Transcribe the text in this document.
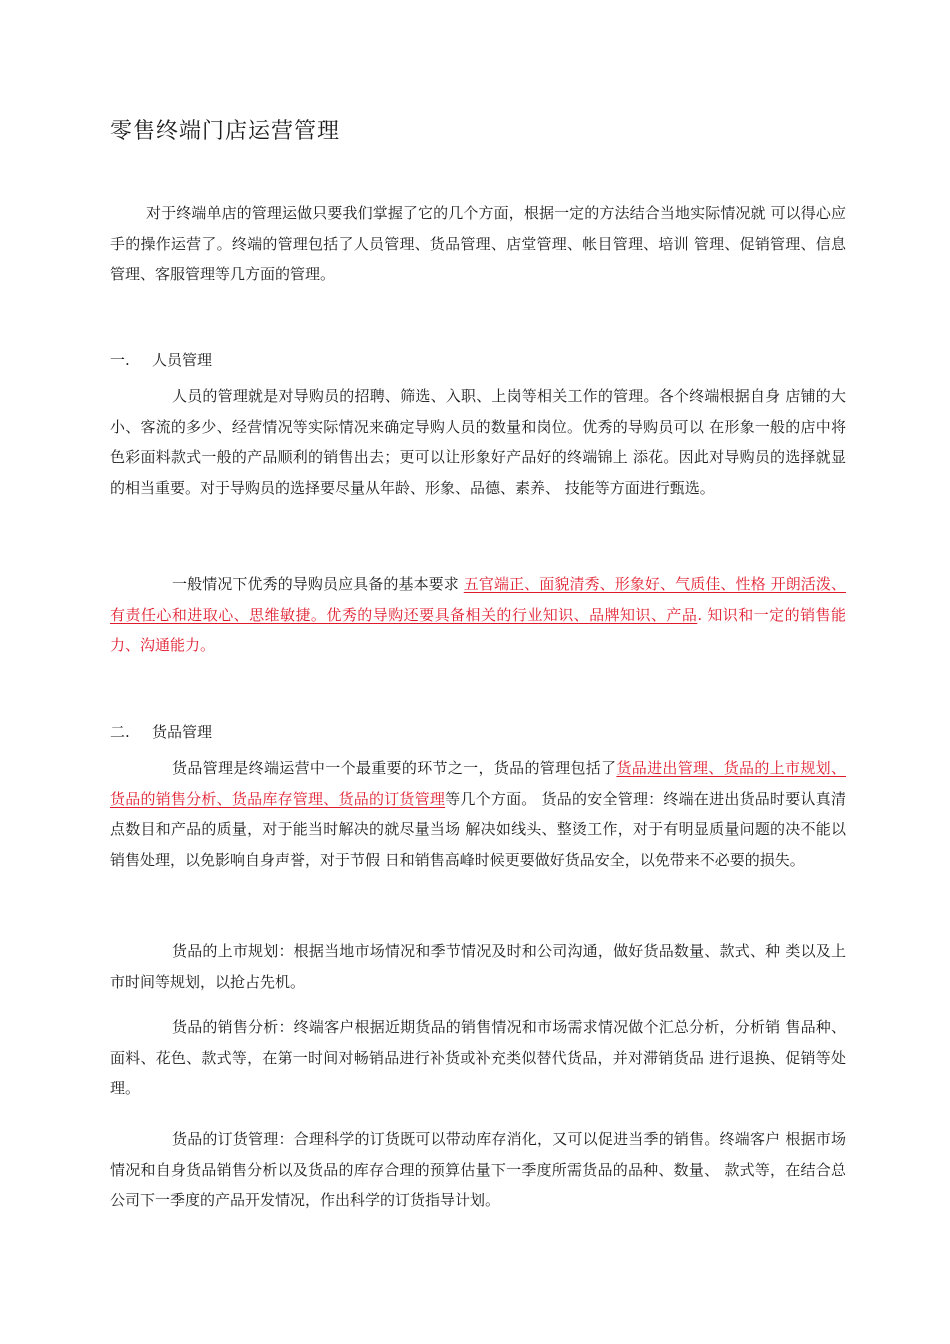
零售终端门店运营管理

对于终端单店的管理运做只要我们掌握了它的几个方面，根据一定的方法结合当地实际情况就 可以得心应手的操作运营了。终端的管理包括了人员管理、货品管理、店堂管理、帐目管理、培训 管理、促销管理、信息管理、客服管理等几方面的管理。

一. 人员管理

人员的管理就是对导购员的招聘、筛选、入职、上岗等相关工作的管理。各个终端根据自身 店铺的大小、客流的多少、经营情况等实际情况来确定导购人员的数量和岗位。优秀的导购员可以 在形象一般的店中将色彩面料款式一般的产品顺利的销售出去；更可以让形象好产品好的终端锦上 添花。因此对导购员的选择就显的相当重要。对于导购员的选择要尽量从年龄、形象、品德、素养、 技能等方面进行甄选。

一般情况下优秀的导购员应具备的基本要求 五官端正、面貌清秀、形象好、气质佳、性格 开朗活泼、有责任心和进取心、思维敏捷。优秀的导购还要具备相关的行业知识、品牌知识、产品. 知识和一定的销售能力、沟通能力。

二. 货品管理

货品管理是终端运营中一个最重要的环节之一，货品的管理包括了货品进出管理、货品的上市规划、货品的销售分析、货品库存管理、货品的订货管理等几个方面。 货品的安全管理：终端在进出货品时要认真清点数目和产品的质量，对于能当时解决的就尽量当场 解决如线头、整烫工作，对于有明显质量问题的决不能以销售处理，以免影响自身声誉，对于节假 日和销售高峰时候更要做好货品安全，以免带来不必要的损失。

货品的上市规划：根据当地市场情况和季节情况及时和公司沟通，做好货品数量、款式、种 类以及上市时间等规划，以抢占先机。

货品的销售分析：终端客户根据近期货品的销售情况和市场需求情况做个汇总分析，分析销 售品种、面料、花色、款式等，在第一时间对畅销品进行补货或补充类似替代货品，并对滞销货品 进行退换、促销等处理。

货品的订货管理：合理科学的订货既可以带动库存消化，又可以促进当季的销售。终端客户 根据市场情况和自身货品销售分析以及货品的库存合理的预算估量下一季度所需货品的品种、数量、 款式等，在结合总公司下一季度的产品开发情况，作出科学的订货指导计划。
